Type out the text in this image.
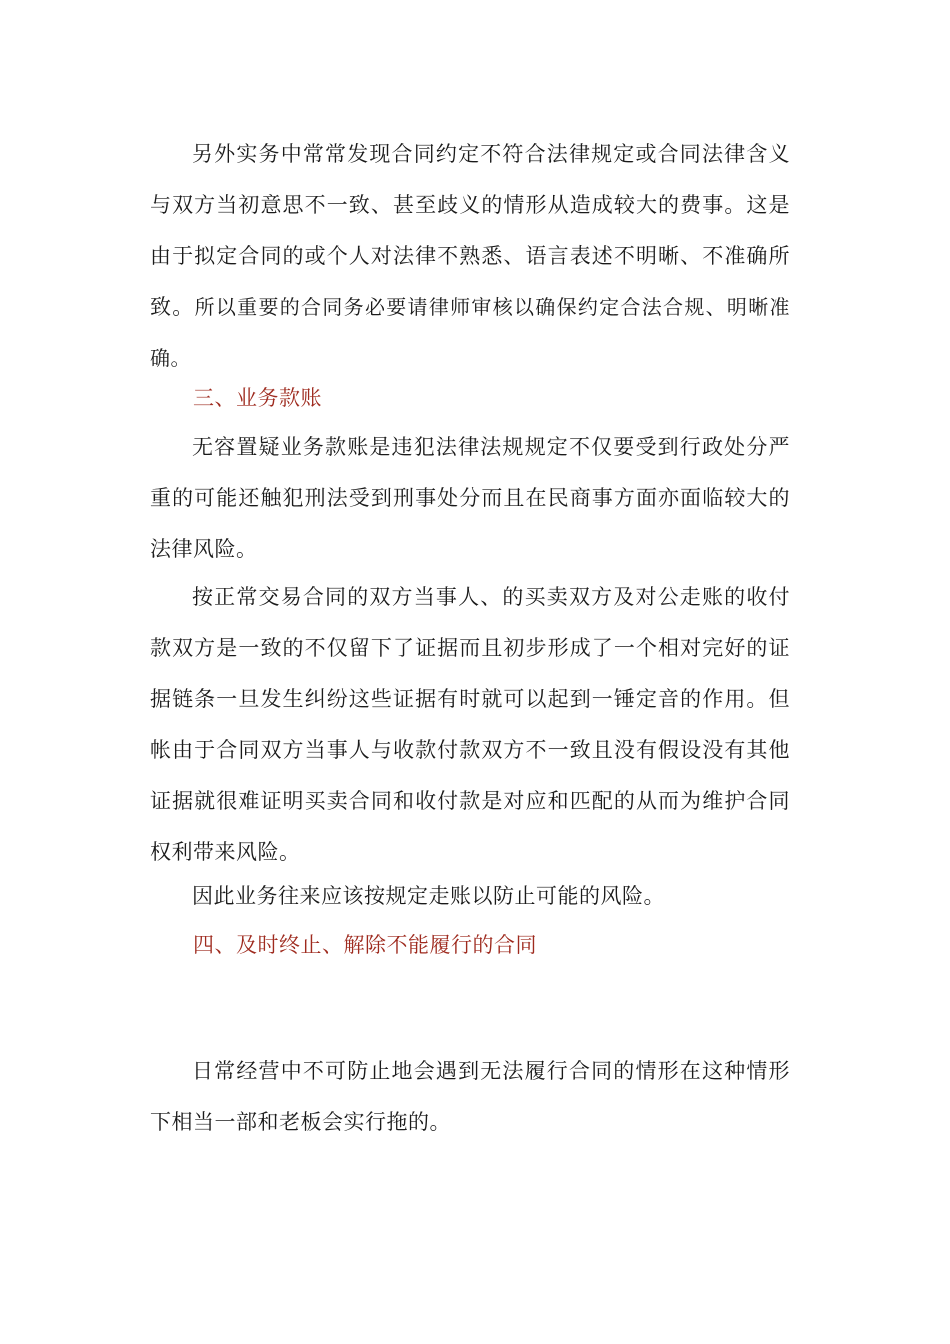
另外实务中常常发现合同约定不符合法律规定或合同法律含义与双方当初意思不一致、甚至歧义的情形从造成较大的费事。这是由于拟定合同的或个人对法律不熟悉、语言表述不明晰、不准确所致。所以重要的合同务必要请律师审核以确保约定合法合规、明晰准确。

三、业务款账

无容置疑业务款账是违犯法律法规规定不仅要受到行政处分严重的可能还触犯刑法受到刑事处分而且在民商事方面亦面临较大的法律风险。

按正常交易合同的双方当事人、的买卖双方及对公走账的收付款双方是一致的不仅留下了证据而且初步形成了一个相对完好的证据链条一旦发生纠纷这些证据有时就可以起到一锤定音的作用。但帐由于合同双方当事人与收款付款双方不一致且没有假设没有其他证据就很难证明买卖合同和收付款是对应和匹配的从而为维护合同权利带来风险。

因此业务往来应该按规定走账以防止可能的风险。

四、及时终止、解除不能履行的合同

日常经营中不可防止地会遇到无法履行合同的情形在这种情形下相当一部和老板会实行拖的。
